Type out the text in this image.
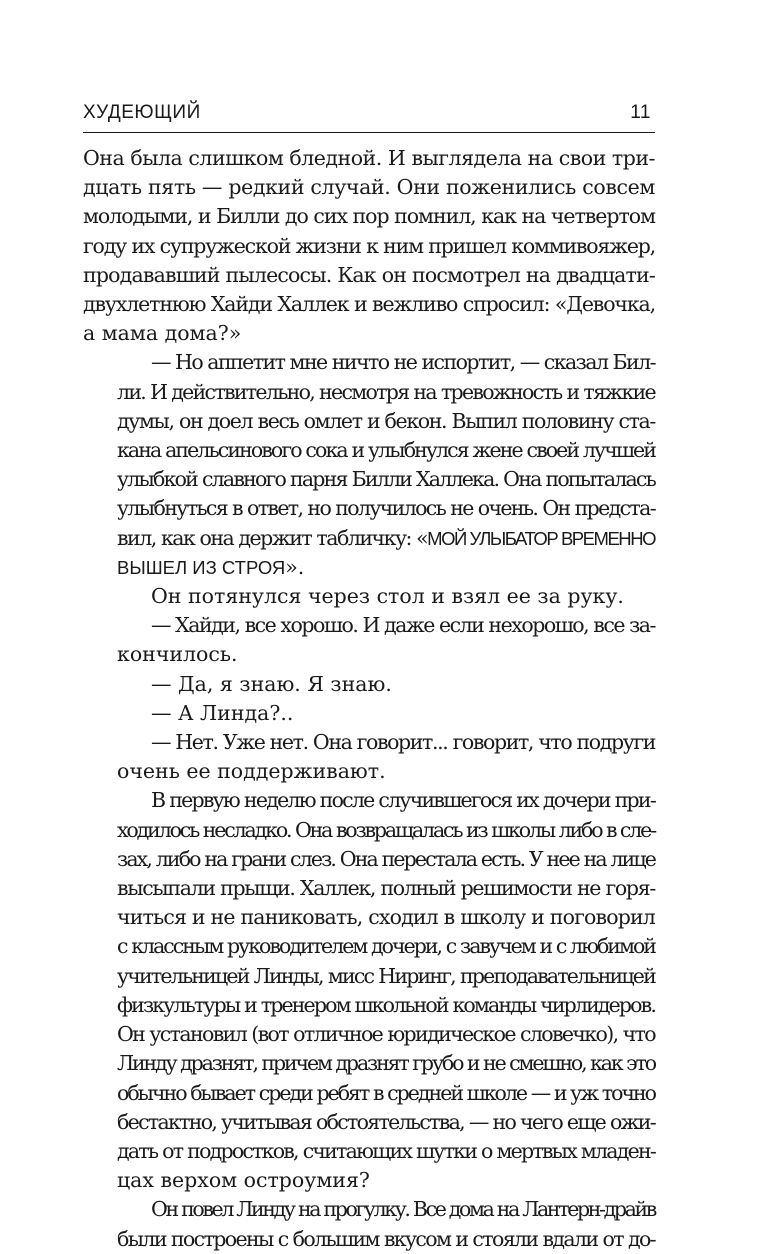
ХУДЕЮЩИЙ	11
Она была слишком бледной. И выглядела на свои три-
дцать пять — редкий случай. Они поженились совсем
молодыми, и Билли до сих пор помнил, как на четвертом
году их супружеской жизни к ним пришел коммивояжер,
продававший пылесосы. Как он посмотрел на двадцати-
двухлетнюю Хайди Халлек и вежливо спросил: «Девочка,
а мама дома?»
— Но аппетит мне ничто не испортит, — сказал Бил-
ли. И действительно, несмотря на тревожность и тяжкие
думы, он доел весь омлет и бекон. Выпил половину ста-
кана апельсинового сока и улыбнулся жене своей лучшей
улыбкой славного парня Билли Халлека. Она попыталась
улыбнуться в ответ, но получилось не очень. Он предста-
вил, как она держит табличку: «МОЙ УЛЫБАТОР ВРЕМЕННО
ВЫШЕЛ ИЗ СТРОЯ».
Он потянулся через стол и взял ее за руку.
— Хайди, все хорошо. И даже если нехорошо, все за-
кончилось.
— Да, я знаю. Я знаю.
— А Линда?..
— Нет. Уже нет. Она говорит... говорит, что подруги
очень ее поддерживают.
В первую неделю после случившегося их дочери при-
ходилось несладко. Она возвращалась из школы либо в сле-
зах, либо на грани слез. Она перестала есть. У нее на лице
высыпали прыщи. Халлек, полный решимости не горя-
читься и не паниковать, сходил в школу и поговорил
с классным руководителем дочери, с завучем и с любимой
учительницей Линды, мисс Ниринг, преподавательницей
физкультуры и тренером школьной команды чирлидеров.
Он установил (вот отличное юридическое словечко), что
Линду дразнят, причем дразнят грубо и не смешно, как это
обычно бывает среди ребят в средней школе — и уж точно
бестактно, учитывая обстоятельства, — но чего еще ожи-
дать от подростков, считающих шутки о мертвых младен-
цах верхом остроумия?
Он повел Линду на прогулку. Все дома на Лантерн-драйв
были построены с большим вкусом и стояли вдали от до-
